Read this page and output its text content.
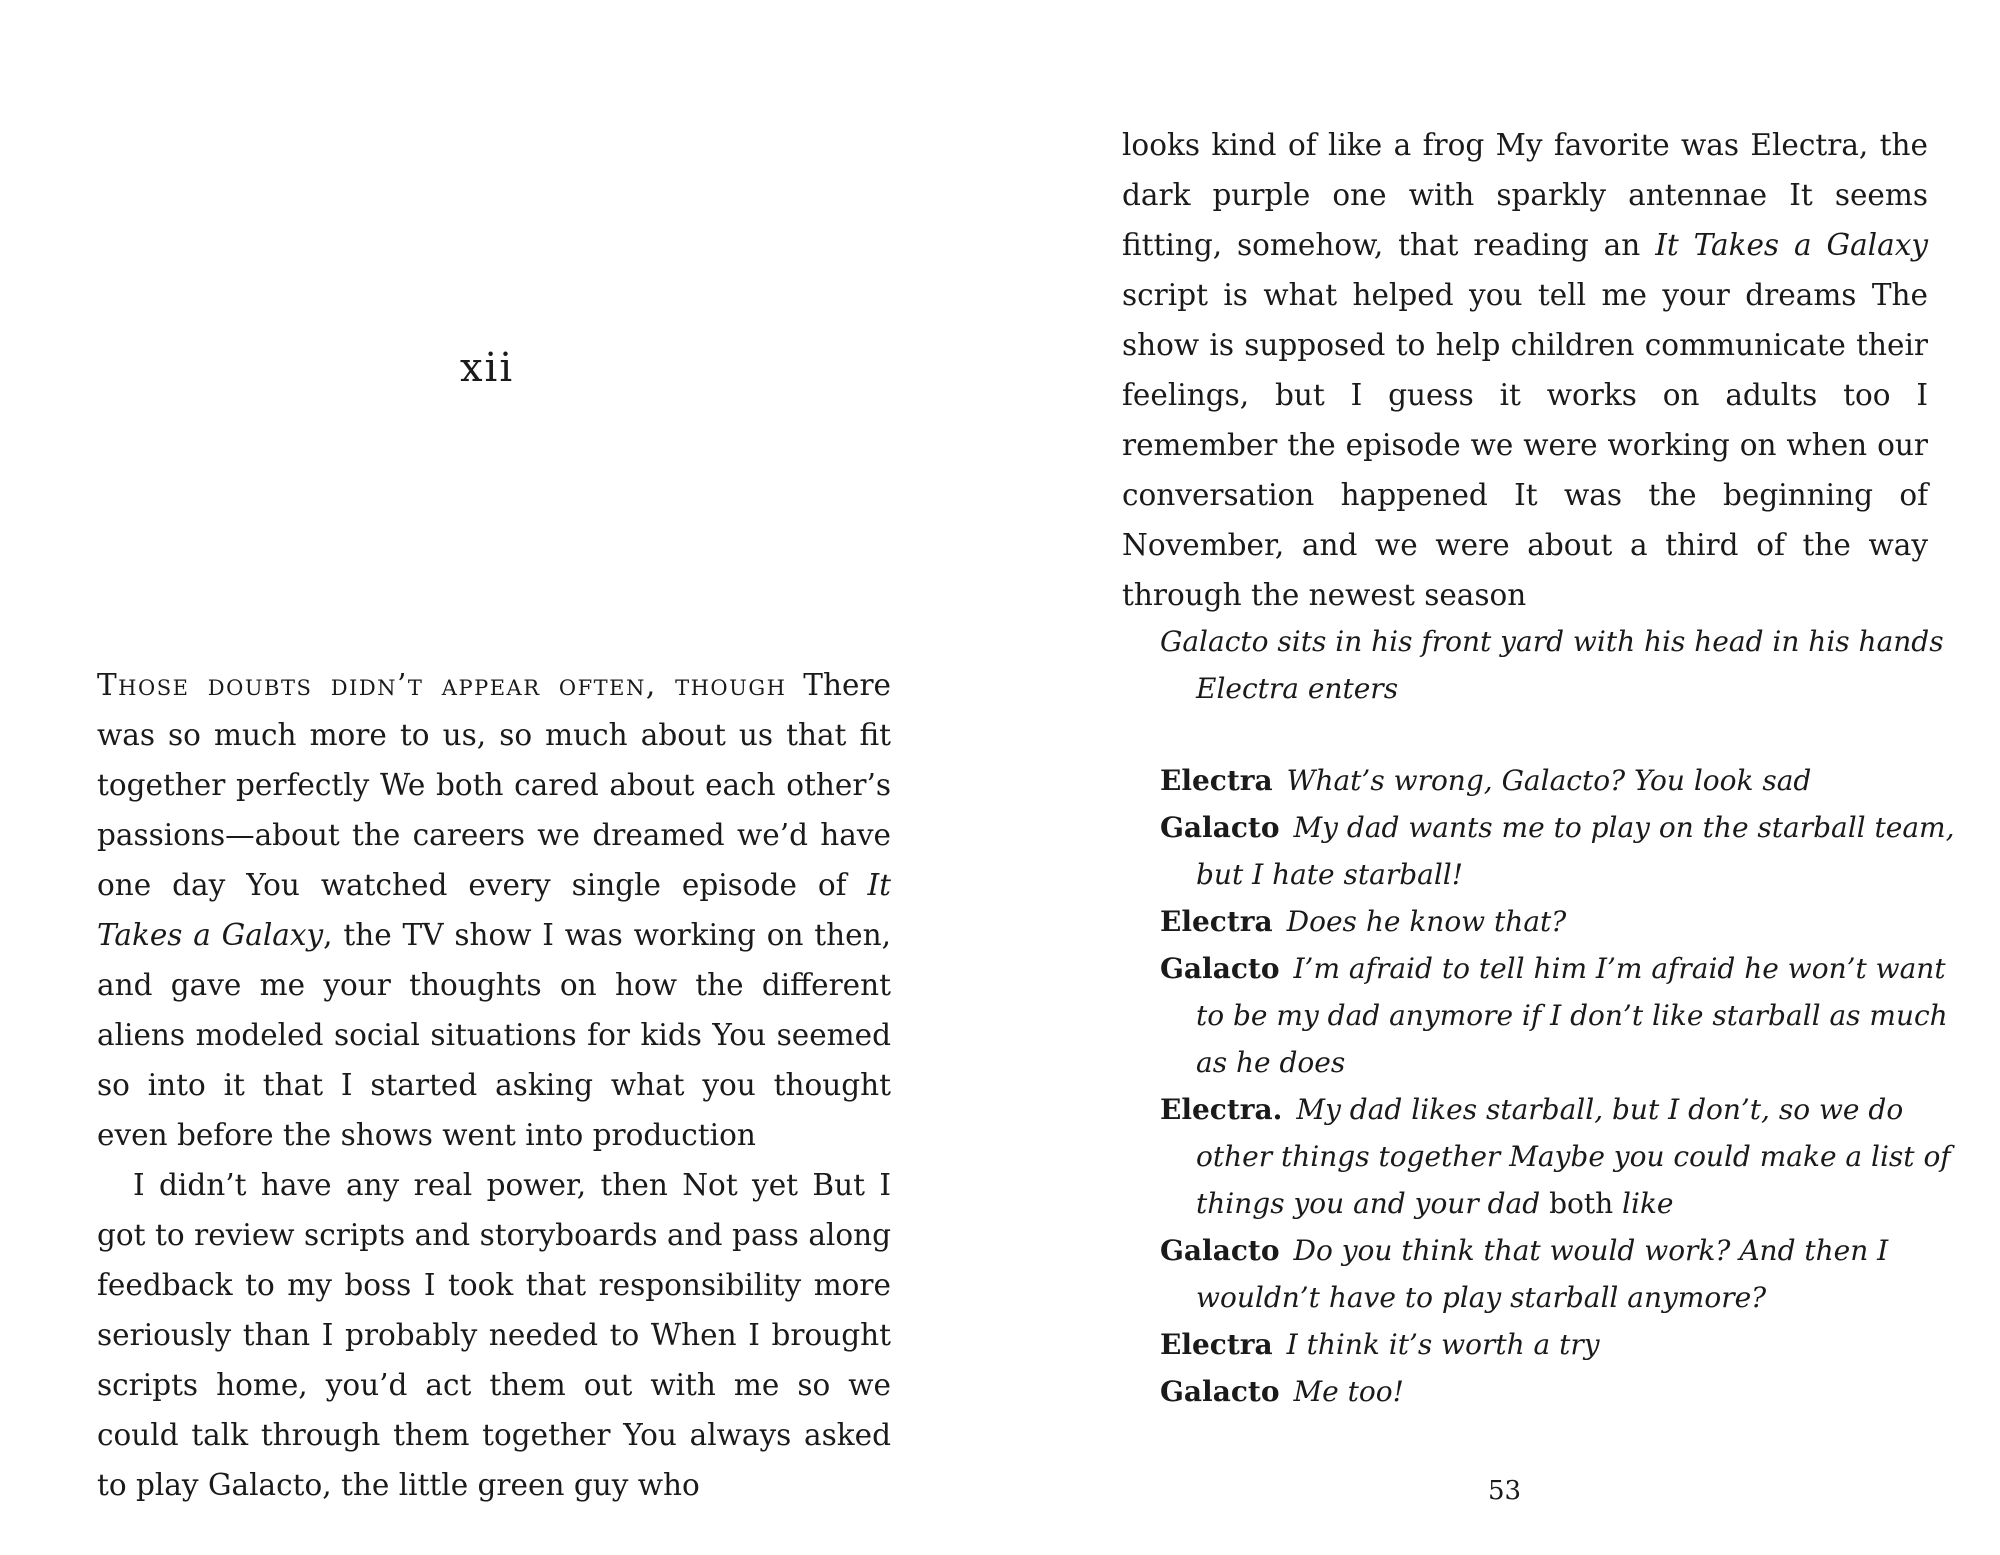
xii

Those doubts didn’t appear often, though There was so much more to us, so much about us that fit together perfectly We both cared about each other’s passions—about the careers we dreamed we’d have one day You watched every single episode of It Takes a Galaxy, the TV show I was working on then, and gave me your thoughts on how the different aliens modeled social situations for kids You seemed so into it that I started asking what you thought even before the shows went into production

I didn’t have any real power, then Not yet But I got to review scripts and storyboards and pass along feedback to my boss I took that responsibility more seriously than I probably needed to When I brought scripts home, you’d act them out with me so we could talk through them together You always asked to play Galacto, the little green guy who

looks kind of like a frog My favorite was Electra, the dark purple one with sparkly antennae It seems fitting, somehow, that reading an It Takes a Galaxy script is what helped you tell me your dreams The show is supposed to help children communicate their feelings, but I guess it works on adults too I remember the episode we were working on when our conversation happened It was the beginning of November, and we were about a third of the way through the newest season

Galacto sits in his front yard with his head in his hands Electra enters

Electra What’s wrong, Galacto? You look sad
Galacto My dad wants me to play on the starball team, but I hate starball!
Electra Does he know that?
Galacto I’m afraid to tell him I’m afraid he won’t want to be my dad anymore if I don’t like starball as much as he does
Electra. My dad likes starball, but I don’t, so we do other things together Maybe you could make a list of things you and your dad both like
Galacto Do you think that would work? And then I wouldn’t have to play starball anymore?
Electra I think it’s worth a try
Galacto Me too!
53
